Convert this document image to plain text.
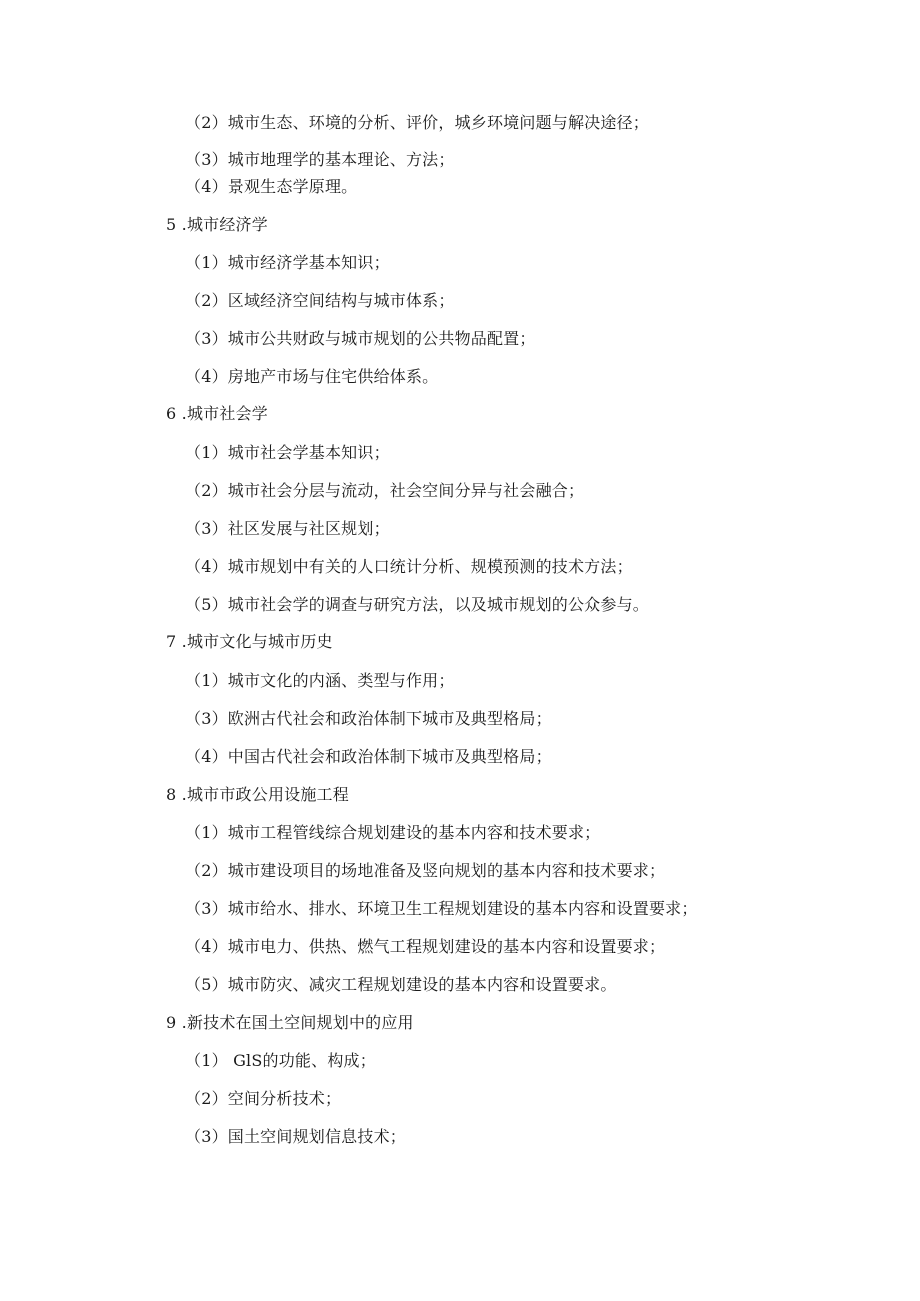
（2）城市生态、环境的分析、评价，城乡环境问题与解决途径；
（3）城市地理学的基本理论、方法；
（4）景观生态学原理。
5 .城市经济学
（1）城市经济学基本知识；
（2）区域经济空间结构与城市体系；
（3）城市公共财政与城市规划的公共物品配置；
（4）房地产市场与住宅供给体系。
6 .城市社会学
（1）城市社会学基本知识；
（2）城市社会分层与流动，社会空间分异与社会融合；
（3）社区发展与社区规划；
（4）城市规划中有关的人口统计分析、规模预测的技术方法；
（5）城市社会学的调查与研究方法，以及城市规划的公众参与。
7 .城市文化与城市历史
（1）城市文化的内涵、类型与作用；
（3）欧洲古代社会和政治体制下城市及典型格局；
（4）中国古代社会和政治体制下城市及典型格局；
8 .城市市政公用设施工程
（1）城市工程管线综合规划建设的基本内容和技术要求；
（2）城市建设项目的场地准备及竖向规划的基本内容和技术要求；
（3）城市给水、排水、环境卫生工程规划建设的基本内容和设置要求；
（4）城市电力、供热、燃气工程规划建设的基本内容和设置要求；
（5）城市防灾、减灾工程规划建设的基本内容和设置要求。
9 .新技术在国土空间规划中的应用
（1） GlS的功能、构成；
（2）空间分析技术；
（3）国土空间规划信息技术；
